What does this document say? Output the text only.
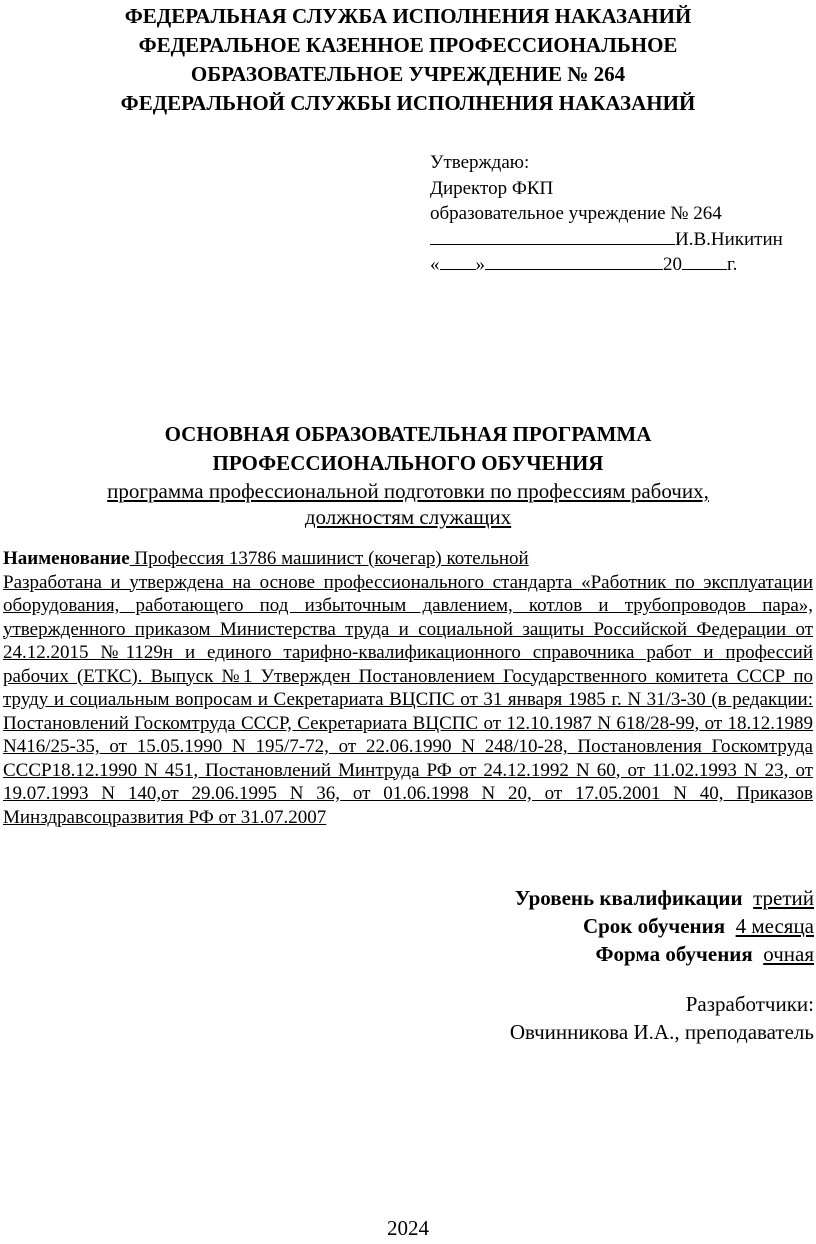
ФЕДЕРАЛЬНАЯ СЛУЖБА ИСПОЛНЕНИЯ НАКАЗАНИЙ
ФЕДЕРАЛЬНОЕ КАЗЕННОЕ ПРОФЕССИОНАЛЬНОЕ
ОБРАЗОВАТЕЛЬНОЕ УЧРЕЖДЕНИЕ № 264
ФЕДЕРАЛЬНОЙ СЛУЖБЫ ИСПОЛНЕНИЯ НАКАЗАНИЙ
Утверждаю:
Директор ФКП
образовательное учреждение № 264
И.В.Никитин
« »	20 г.
ОСНОВНАЯ ОБРАЗОВАТЕЛЬНАЯ ПРОГРАММА
ПРОФЕССИОНАЛЬНОГО ОБУЧЕНИЯ
программа профессиональной подготовки по профессиям рабочих,
должностям служащих
Наименование Профессия 13786 машинист (кочегар) котельной
Разработана и утверждена на основе профессионального стандарта «Работник по эксплуатации оборудования, работающего под избыточным давлением, котлов и трубопроводов пара», утвержденного приказом Министерства труда и социальной защиты Российской Федерации от 24.12.2015 №1129н и единого тарифно-квалификационного справочника работ и профессий рабочих (ЕТКС). Выпуск №1 Утвержден Постановлением Государственного комитета СССР по труду и социальным вопросам и Секретариата ВЦСПС от 31 января 1985 г. N 31/3-30 (в редакции: Постановлений Госкомтруда СССР, Секретариата ВЦСПС от 12.10.1987 N 618/28-99, от 18.12.1989 N416/25-35, от 15.05.1990 N 195/7-72, от 22.06.1990 N 248/10-28, Постановления Госкомтруда СССР18.12.1990 N 451, Постановлений Минтруда РФ от 24.12.1992 N 60, от 11.02.1993 N 23, от 19.07.1993 N 140,от 29.06.1995 N 36, от 01.06.1998 N 20, от 17.05.2001 N 40, Приказов Минздравсоцразвития РФ от 31.07.2007
Уровень квалификации третий
Срок обучения 4 месяца
Форма обучения очная
Разработчики:
Овчинникова И.А., преподаватель
2024
